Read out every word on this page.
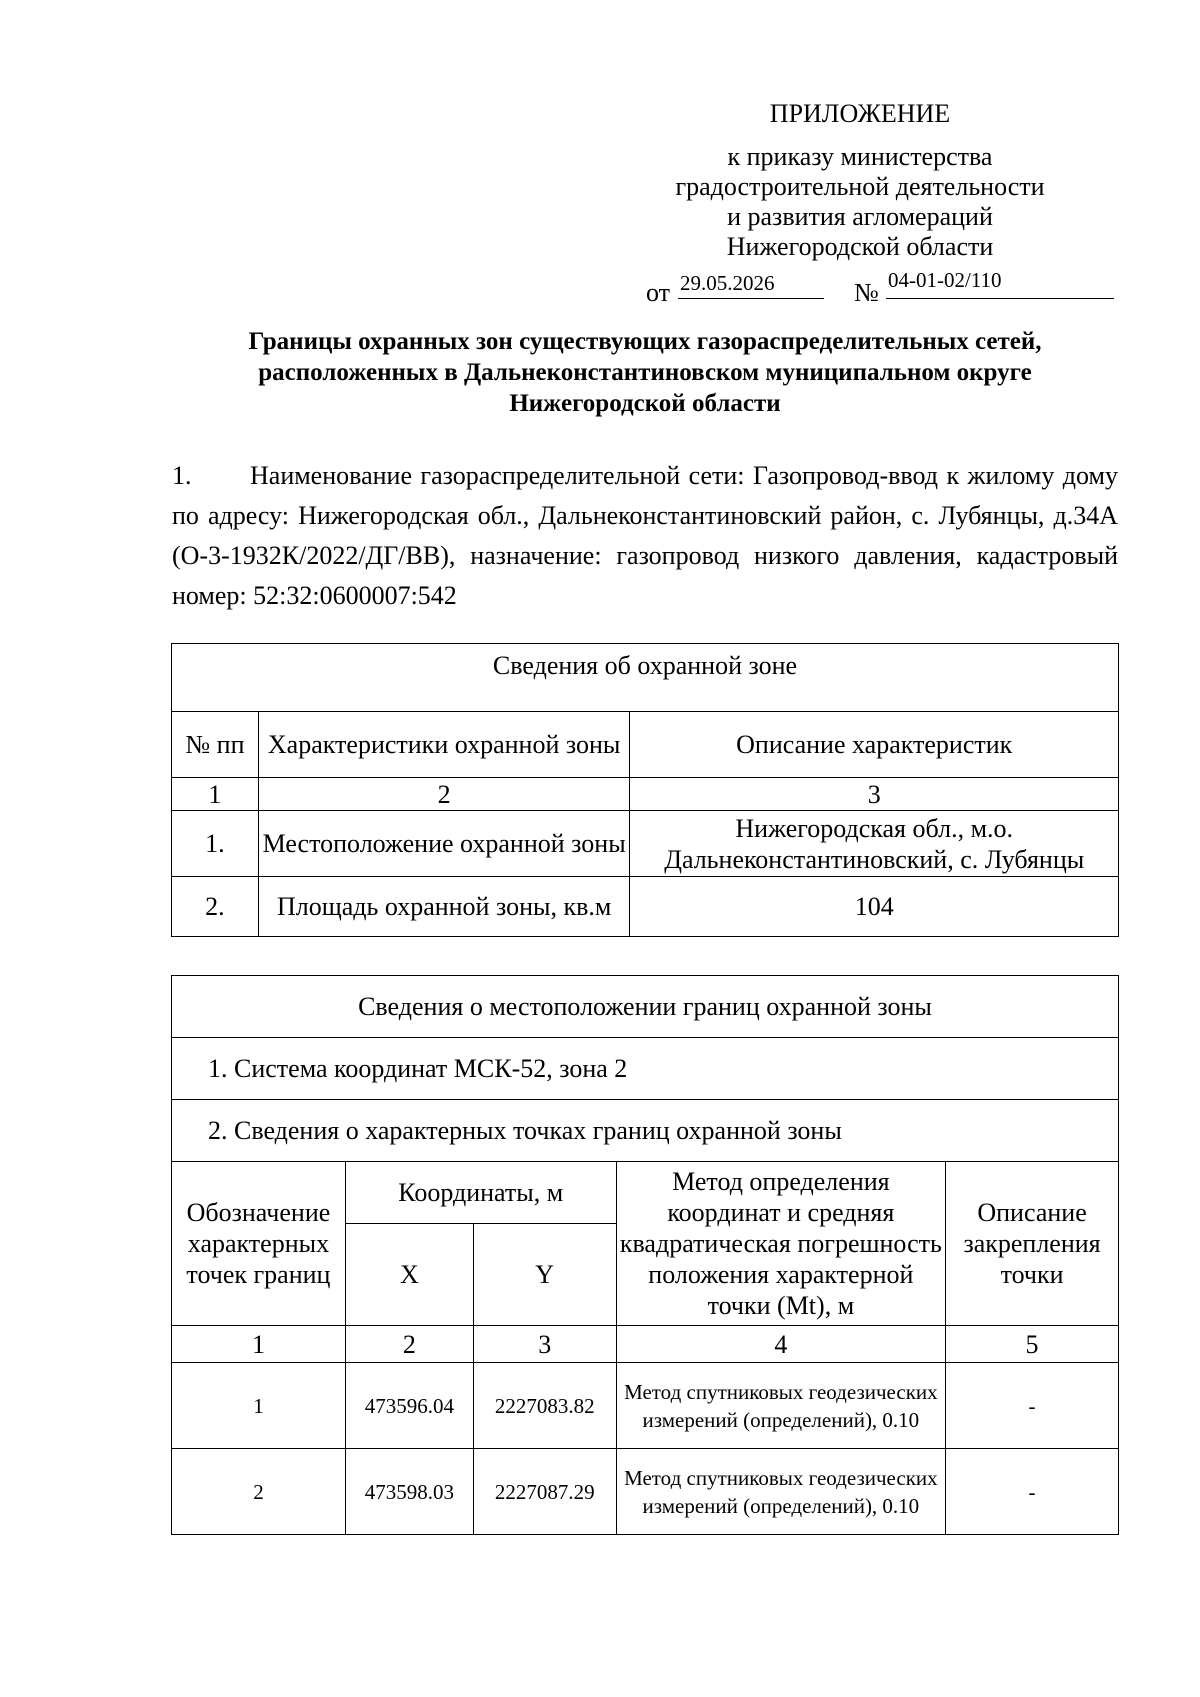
ПРИЛОЖЕНИЕ
к приказу министерства
градостроительной деятельности
и развития агломераций
Нижегородской области
от 29.05.2026	№ 04-01-02/110
Границы охранных зон существующих газораспределительных сетей,
расположенных в Дальнеконстантиновском муниципальном округе
Нижегородской области
1. Наименование газораспределительной сети: Газопровод-ввод к жилому дому по адресу: Нижегородская обл., Дальнеконстантиновский район, с. Лубянцы, д.34А (О-3-1932К/2022/ДГ/ВВ), назначение: газопровод низкого давления, кадастровый номер: 52:32:0600007:542
Сведения об охранной зоне		
№ пп	Характеристики охранной зоны	Описание характеристик
1	2	3
1.	Местоположение охранной зоны	Нижегородская обл., м.о. Дальнеконстантиновский, с. Лубянцы
2.	Площадь охранной зоны, кв.м	104
Сведения о местоположении границ охранной зоны				
1. Система координат МСК-52, зона 2				
2. Сведения о характерных точках границ охранной зоны				
Обозначение характерных точек границ	Координаты, м		Метод определения координат и средняя квадратическая погрешность положения характерной точки (Mt), м	Описание закрепления точки
	X	Y		
1	2	3	4	5
1	473596.04	2227083.82	Метод спутниковых геодезических измерений (определений), 0.10	-
2	473598.03	2227087.29	Метод спутниковых геодезических измерений (определений), 0.10	-
